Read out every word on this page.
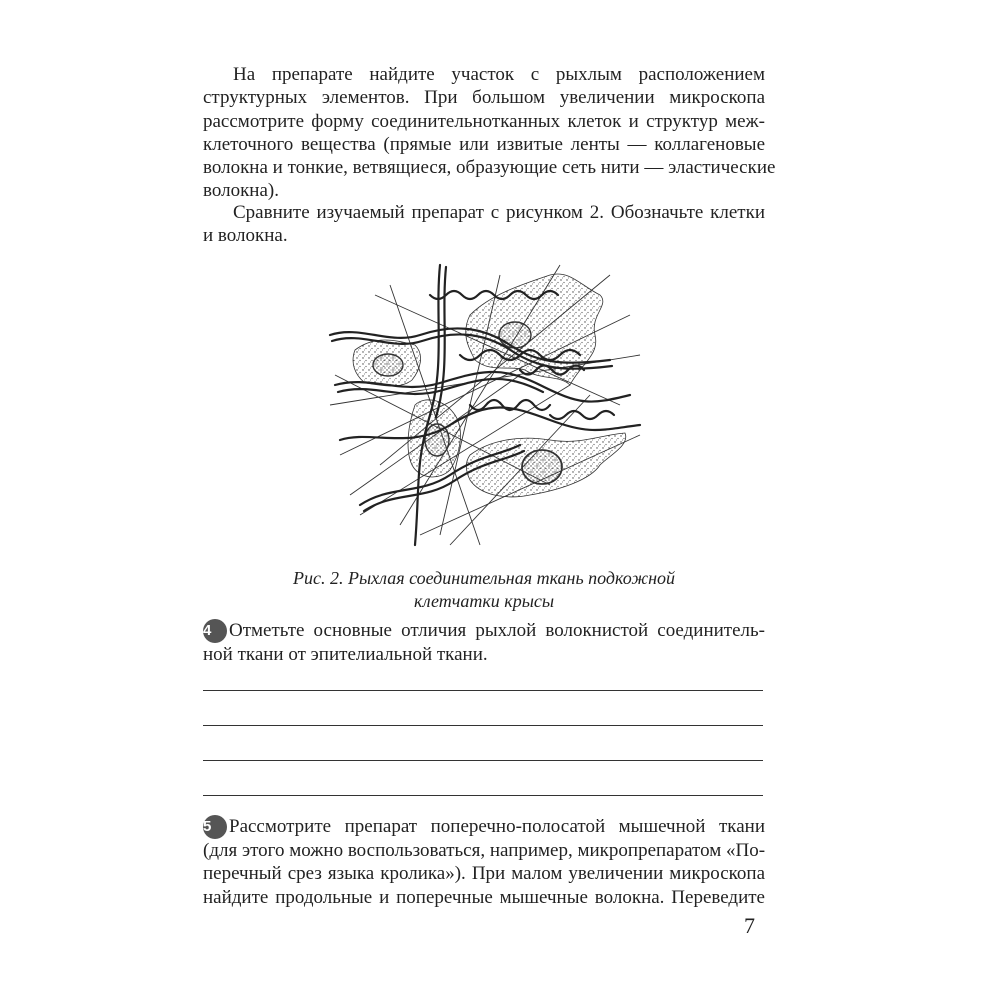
На препарате найдите участок с рыхлым расположением
структурных элементов. При большом увеличении микроскопа
рассмотрите форму соединительнотканных клеток и структур меж-
клеточного вещества (прямые или извитые ленты — коллагеновые
волокна и тонкие, ветвящиеся, образующие сеть нити — эластические
волокна).

Сравните изучаемый препарат с рисунком 2. Обозначьте клетки
и волокна.

Рис. 2. Рыхлая соединительная ткань подкожной
клетчатки крысы

4 Отметьте основные отличия рыхлой волокнистой соединитель-
ной ткани от эпителиальной ткани.

5 Рассмотрите препарат поперечно-полосатой мышечной ткани
(для этого можно воспользоваться, например, микропрепаратом «По-
перечный срез языка кролика»). При малом увеличении микроскопа
найдите продольные и поперечные мышечные волокна. Переведите

7
